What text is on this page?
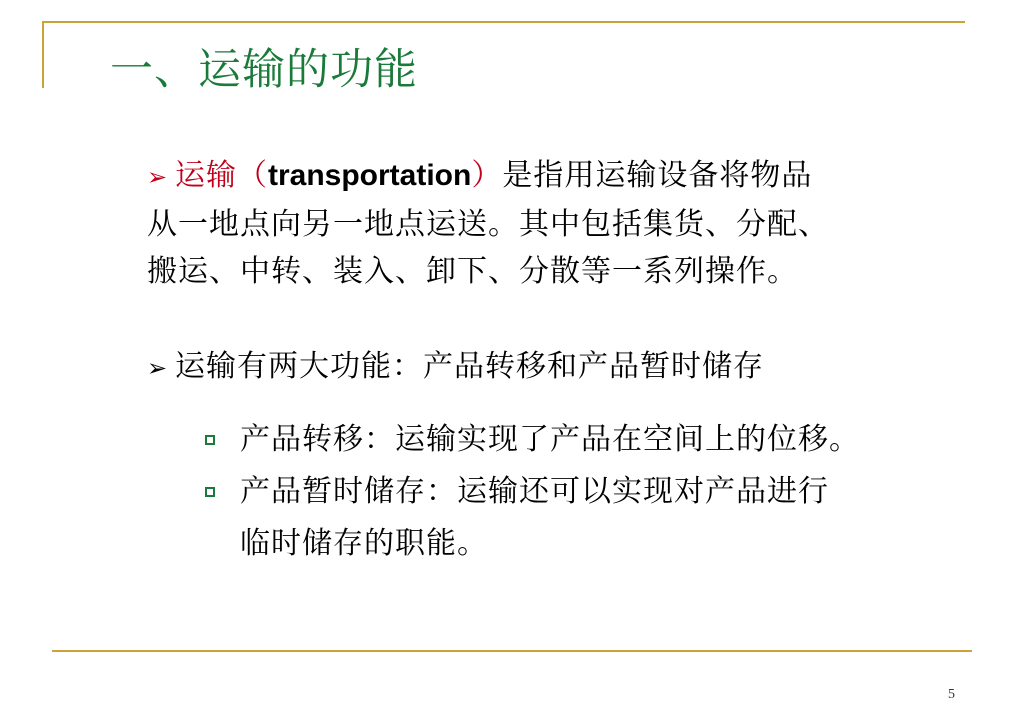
一、运输的功能
➢ 运输（transportation）是指用运输设备将物品
从一地点向另一地点运送。其中包括集货、分配、
搬运、中转、装入、卸下、分散等一系列操作。
➢ 运输有两大功能：产品转移和产品暂时储存
产品转移：运输实现了产品在空间上的位移。
产品暂时储存：运输还可以实现对产品进行
临时储存的职能。
5
